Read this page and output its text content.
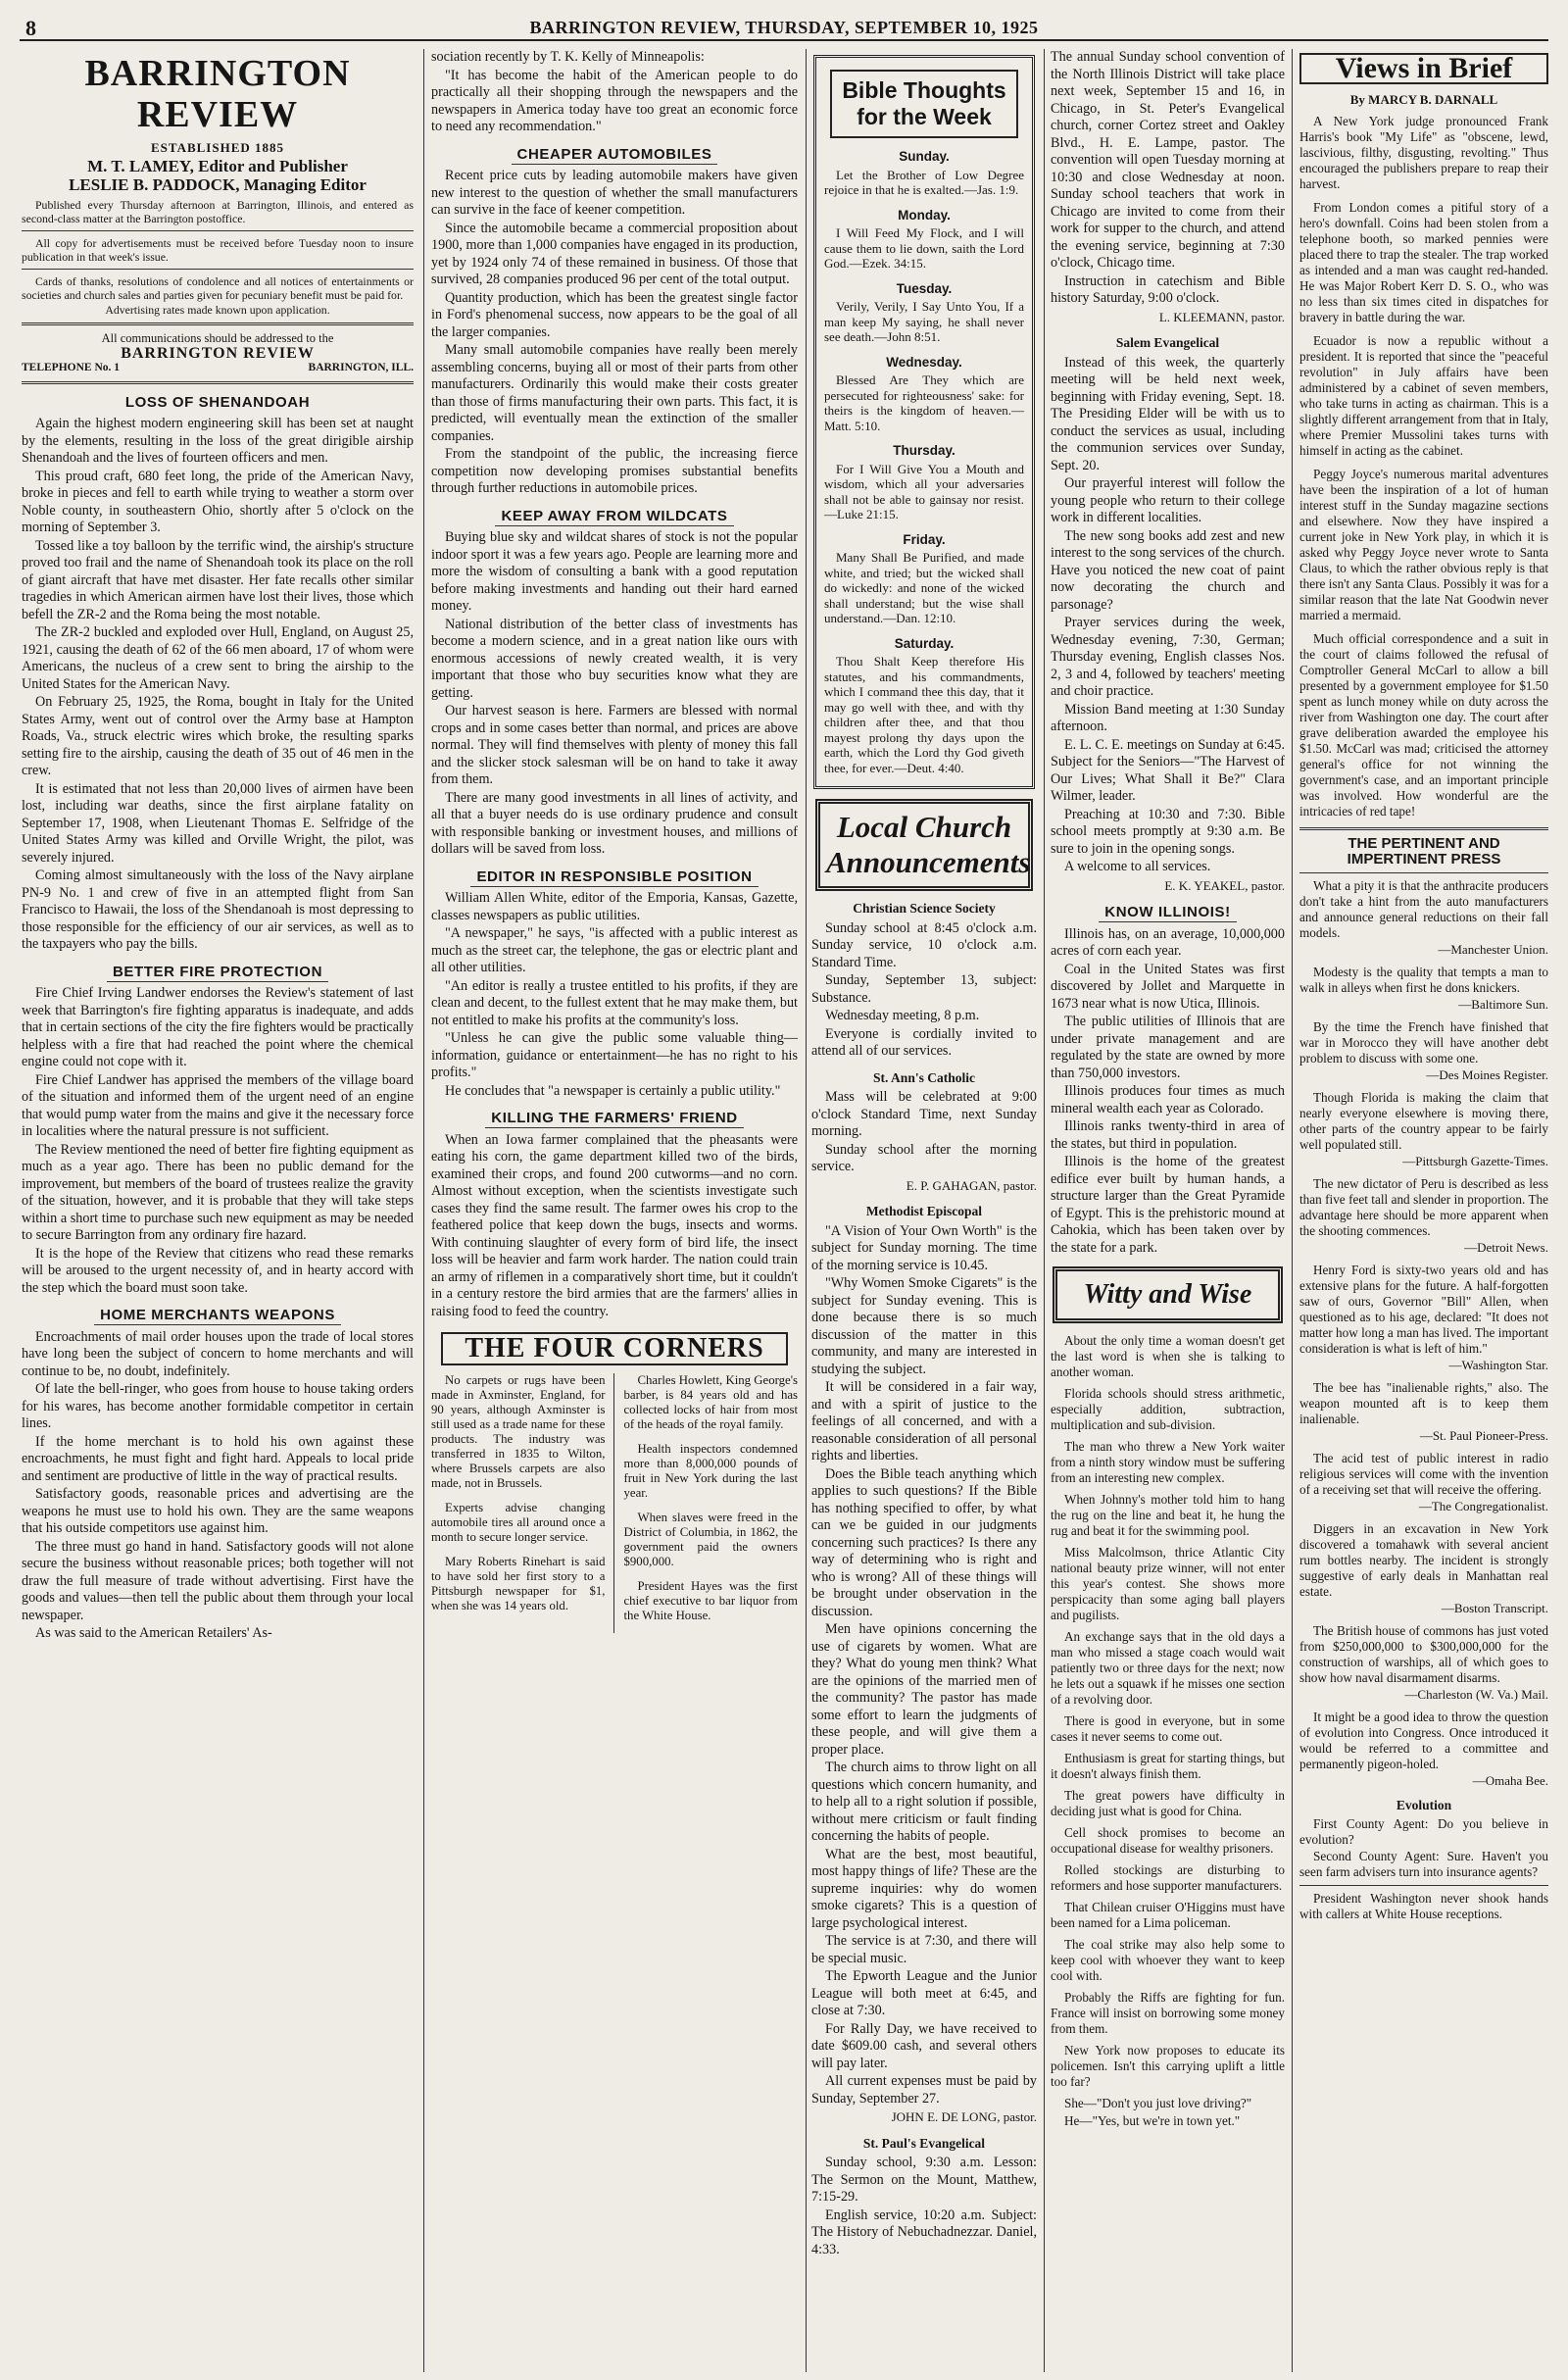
8	BARRINGTON REVIEW, THURSDAY, SEPTEMBER 10, 1925
BARRINGTON REVIEW
ESTABLISHED 1885
M. T. LAMEY, Editor and Publisher
LESLIE B. PADDOCK, Managing Editor

Published every Thursday afternoon at Barrington, Illinois, and entered as second-class matter at the Barrington postoffice.

All copy for advertisements must be received before Tuesday noon to insure publication in that week's issue.

Cards of thanks, resolutions of condolence and all notices of entertainments or societies and church sales and parties given for pecuniary benefit must be paid for.

Advertising rates made known upon application.

All communications should be addressed to the
BARRINGTON REVIEW
TELEPHONE No. 1	BARRINGTON, ILL.
LOSS OF SHENANDOAH

Again the highest modern engineering skill has been set at naught by the elements, resulting in the loss of the great dirigible airship Shenandoah and the lives of fourteen officers and men.

This proud craft, 680 feet long, the pride of the American Navy, broke in pieces and fell to earth while trying to weather a storm over Noble county, in southeastern Ohio, shortly after 5 o'clock on the morning of September 3.

Tossed like a toy balloon by the terrific wind, the airship's structure proved too frail and the name of Shenandoah took its place on the roll of giant aircraft that have met disaster. Her fate recalls other similar tragedies in which American airmen have lost their lives, those which befell the ZR-2 and the Roma being the most notable.

The ZR-2 buckled and exploded over Hull, England, on August 25, 1921, causing the death of 62 of the 66 men aboard, 17 of whom were Americans, the nucleus of a crew sent to bring the airship to the United States for the American Navy.

On February 25, 1925, the Roma, bought in Italy for the United States Army, went out of control over the Army base at Hampton Roads, Va., struck electric wires which broke, the resulting sparks setting fire to the airship, causing the death of 35 out of 46 men in the crew.

It is estimated that not less than 20,000 lives of airmen have been lost, including war deaths, since the first airplane fatality on September 17, 1908, when Lieutenant Thomas E. Selfridge of the United States Army was killed and Orville Wright, the pilot, was severely injured.

Coming almost simultaneously with the loss of the Navy airplane PN-9 No. 1 and crew of five in an attempted flight from San Francisco to Hawaii, the loss of the Shendanoah is most depressing to those responsible for the efficiency of our air services, as well as to the taxpayers who pay the bills.

BETTER FIRE PROTECTION

Fire Chief Irving Landwer endorses the Review's statement of last week that Barrington's fire fighting apparatus is inadequate, and adds that in certain sections of the city the fire fighters would be practically helpless with a fire that had reached the point where the chemical engine could not cope with it.

Fire Chief Landwer has apprised the members of the village board of the situation and informed them of the urgent need of an engine that would pump water from the mains and give it the necessary force in localities where the natural pressure is not sufficient.

The Review mentioned the need of better fire fighting equipment as much as a year ago. There has been no public demand for the improvement, but members of the board of trustees realize the gravity of the situation, however, and it is probable that they will take steps within a short time to purchase such new equipment as may be needed to secure Barrington from any ordinary fire hazard.

It is the hope of the Review that citizens who read these remarks will be aroused to the urgent necessity of, and in hearty accord with the step which the board must soon take.

HOME MERCHANTS WEAPONS

Encroachments of mail order houses upon the trade of local stores have long been the subject of concern to home merchants and will continue to be, no doubt, indefinitely.

Of late the bell-ringer, who goes from house to house taking orders for his wares, has become another formidable competitor in certain lines.

If the home merchant is to hold his own against these encroachments, he must fight and fight hard. Appeals to local pride and sentiment are productive of little in the way of practical results.

Satisfactory goods, reasonable prices and advertising are the weapons he must use to hold his own. They are the same weapons that his outside competitors use against him.

The three must go hand in hand. Satisfactory goods will not alone secure the business without reasonable prices; both together will not draw the full measure of trade without advertising. First have the goods and values—then tell the public about them through your local newspaper.

As was said to the American Retailers' As-

sociation recently by T. K. Kelly of Minneapolis:

"It has become the habit of the American people to do practically all their shopping through the newspapers and the newspapers in America today have too great an economic force to need any recommendation."

CHEAPER AUTOMOBILES

Recent price cuts by leading automobile makers have given new interest to the question of whether the small manufacturers can survive in the face of keener competition.

Since the automobile became a commercial proposition about 1900, more than 1,000 companies have engaged in its production, yet by 1924 only 74 of these remained in business. Of those that survived, 28 companies produced 96 per cent of the total output.

Quantity production, which has been the greatest single factor in Ford's phenomenal success, now appears to be the goal of all the larger companies.

Many small automobile companies have really been merely assembling concerns, buying all or most of their parts from other manufacturers. Ordinarily this would make their costs greater than those of firms manufacturing their own parts. This fact, it is predicted, will eventually mean the extinction of the smaller companies.

From the standpoint of the public, the increasing fierce competition now developing promises substantial benefits through further reductions in automobile prices.

KEEP AWAY FROM WILDCATS

Buying blue sky and wildcat shares of stock is not the popular indoor sport it was a few years ago. People are learning more and more the wisdom of consulting a bank with a good reputation before making investments and handing out their hard earned money.

National distribution of the better class of investments has become a modern science, and in a great nation like ours with enormous accessions of newly created wealth, it is very important that those who buy securities know what they are getting.

Our harvest season is here. Farmers are blessed with normal crops and in some cases better than normal, and prices are above normal. They will find themselves with plenty of money this fall and the slicker stock salesman will be on hand to take it away from them.

There are many good investments in all lines of activity, and all that a buyer needs do is use ordinary prudence and consult with responsible banking or investment houses, and millions of dollars will be saved from loss.

EDITOR IN RESPONSIBLE POSITION

William Allen White, editor of the Emporia, Kansas, Gazette, classes newspapers as public utilities.

"A newspaper," he says, "is affected with a public interest as much as the street car, the telephone, the gas or electric plant and all other utilities.

"An editor is really a trustee entitled to his profits, if they are clean and decent, to the fullest extent that he may make them, but not entitled to make his profits at the community's loss.

"Unless he can give the public some valuable thing—information, guidance or entertainment—he has no right to his profits."

He concludes that "a newspaper is certainly a public utility."

KILLING THE FARMERS' FRIEND

When an Iowa farmer complained that the pheasants were eating his corn, the game department killed two of the birds, examined their crops, and found 200 cutworms—and no corn. Almost without exception, when the scientists investigate such cases they find the same result. The farmer owes his crop to the feathered police that keep down the bugs, insects and worms. With continuing slaughter of every form of bird life, the insect loss will be heavier and farm work harder. The nation could train an army of riflemen in a comparatively short time, but it couldn't in a century restore the bird armies that are the farmers' allies in raising food to feed the country.

THE FOUR CORNERS

No carpets or rugs have been made in Axminster, England, for 90 years, although Axminster is still used as a trade name for these products. The industry was transferred in 1835 to Wilton, where Brussels carpets are also made, not in Brussels.

Experts advise changing automobile tires all around once a month to secure longer service.

Mary Roberts Rinehart is said to have sold her first story to a Pittsburgh newspaper for $1, when she was 14 years old.

Charles Howlett, King George's barber, is 84 years old and has collected locks of hair from most of the heads of the royal family.

Health inspectors condemned more than 8,000,000 pounds of fruit in New York during the last year.

When slaves were freed in the District of Columbia, in 1862, the government paid the owners $900,000.

President Hayes was the first chief executive to bar liquor from the White House.

Bible Thoughts for the Week
Sunday.

Let the Brother of Low Degree rejoice in that he is exalted.—Jas. 1:9.

Monday.

I Will Feed My Flock, and I will cause them to lie down, saith the Lord God.—Ezek. 34:15.

Tuesday.

Verily, Verily, I Say Unto You, If a man keep My saying, he shall never see death.—John 8:51.

Wednesday.

Blessed Are They which are persecuted for righteousness' sake: for theirs is the kingdom of heaven.—Matt. 5:10.

Thursday.

For I Will Give You a Mouth and wisdom, which all your adversaries shall not be able to gainsay nor resist.—Luke 21:15.

Friday.

Many Shall Be Purified, and made white, and tried; but the wicked shall do wickedly: and none of the wicked shall understand; but the wise shall understand.—Dan. 12:10.

Saturday.

Thou Shalt Keep therefore His statutes, and his commandments, which I command thee this day, that it may go well with thee, and with thy children after thee, and that thou mayest prolong thy days upon the earth, which the Lord thy God giveth thee, for ever.—Deut. 4:40.

Local Church Announcements
Christian Science Society

Sunday school at 8:45 o'clock a.m. Sunday service, 10 o'clock a.m. Standard Time.

Sunday, September 13, subject: Substance.

Wednesday meeting, 8 p.m.

Everyone is cordially invited to attend all of our services.

St. Ann's Catholic

Mass will be celebrated at 9:00 o'clock Standard Time, next Sunday morning.

Sunday school after the morning service.

E. P. GAHAGAN, pastor.

Methodist Episcopal

"A Vision of Your Own Worth" is the subject for Sunday morning. The time of the morning service is 10.45.

"Why Women Smoke Cigarets" is the subject for Sunday evening. This is done because there is so much discussion of the matter in this community, and many are interested in studying the subject.

It will be considered in a fair way, and with a spirit of justice to the feelings of all concerned, and with a reasonable consideration of all personal rights and liberties.

Does the Bible teach anything which applies to such questions? If the Bible has nothing specified to offer, by what can we be guided in our judgments concerning such practices? Is there any way of determining who is right and who is wrong? All of these things will be brought under observation in the discussion.

Men have opinions concerning the use of cigarets by women. What are they? What do young men think? What are the opinions of the married men of the community? The pastor has made some effort to learn the judgments of these people, and will give them a proper place.

The church aims to throw light on all questions which concern humanity, and to help all to a right solution if possible, without mere criticism or fault finding concerning the habits of people.

What are the best, most beautiful, most happy things of life? These are the supreme inquiries: why do women smoke cigarets? This is a question of large psychological interest.

The service is at 7:30, and there will be special music.

The Epworth League and the Junior League will both meet at 6:45, and close at 7:30.

For Rally Day, we have received to date $609.00 cash, and several others will pay later.

All current expenses must be paid by Sunday, September 27.

JOHN E. DE LONG, pastor.

St. Paul's Evangelical

Sunday school, 9:30 a.m. Lesson: The Sermon on the Mount, Matthew, 7:15-29.

English service, 10:20 a.m. Subject: The History of Nebuchadnezzar. Daniel, 4:33.

The annual Sunday school convention of the North Illinois District will take place next week, September 15 and 16, in Chicago, in St. Peter's Evangelical church, corner Cortez street and Oakley Blvd., H. E. Lampe, pastor. The convention will open Tuesday morning at 10:30 and close Wednesday at noon. Sunday school teachers that work in Chicago are invited to come from their work for supper to the church, and attend the evening service, beginning at 7:30 o'clock, Chicago time.

Instruction in catechism and Bible history Saturday, 9:00 o'clock.

L. KLEEMANN, pastor.

Salem Evangelical

Instead of this week, the quarterly meeting will be held next week, beginning with Friday evening, Sept. 18. The Presiding Elder will be with us to conduct the services as usual, including the communion services over Sunday, Sept. 20.

Our prayerful interest will follow the young people who return to their college work in different localities.

The new song books add zest and new interest to the song services of the church. Have you noticed the new coat of paint now decorating the church and parsonage?

Prayer services during the week, Wednesday evening, 7:30, German; Thursday evening, English classes Nos. 2, 3 and 4, followed by teachers' meeting and choir practice.

Mission Band meeting at 1:30 Sunday afternoon.

E. L. C. E. meetings on Sunday at 6:45. Subject for the Seniors—"The Harvest of Our Lives; What Shall it Be?" Clara Wilmer, leader.

Preaching at 10:30 and 7:30. Bible school meets promptly at 9:30 a.m. Be sure to join in the opening songs.

A welcome to all services.

E. K. YEAKEL, pastor.

KNOW ILLINOIS!

Illinois has, on an average, 10,000,000 acres of corn each year.

Coal in the United States was first discovered by Jollet and Marquette in 1673 near what is now Utica, Illinois.

The public utilities of Illinois that are under private management and are regulated by the state are owned by more than 750,000 investors.

Illinois produces four times as much mineral wealth each year as Colorado.

Illinois ranks twenty-third in area of the states, but third in population.

Illinois is the home of the greatest edifice ever built by human hands, a structure larger than the Great Pyramide of Egypt. This is the prehistoric mound at Cahokia, which has been taken over by the state for a park.

Witty and Wise

About the only time a woman doesn't get the last word is when she is talking to another woman.

Florida schools should stress arithmetic, especially addition, subtraction, multiplication and sub-division.

The man who threw a New York waiter from a ninth story window must be suffering from an interesting new complex.

When Johnny's mother told him to hang the rug on the line and beat it, he hung the rug and beat it for the swimming pool.

Miss Malcolmson, thrice Atlantic City national beauty prize winner, will not enter this year's contest. She shows more perspicacity than some aging ball players and pugilists.

An exchange says that in the old days a man who missed a stage coach would wait patiently two or three days for the next; now he lets out a squawk if he misses one section of a revolving door.

There is good in everyone, but in some cases it never seems to come out.

Enthusiasm is great for starting things, but it doesn't always finish them.

The great powers have difficulty in deciding just what is good for China.

Cell shock promises to become an occupational disease for wealthy prisoners.

Rolled stockings are disturbing to reformers and hose supporter manufacturers.

That Chilean cruiser O'Higgins must have been named for a Lima policeman.

The coal strike may also help some to keep cool with whoever they want to keep cool with.

Probably the Riffs are fighting for fun. France will insist on borrowing some money from them.

New York now proposes to educate its policemen. Isn't this carrying uplift a little too far?

She—"Don't you just love driving?"

He—"Yes, but we're in town yet."

Views in Brief
By MARCY B. DARNALL

A New York judge pronounced Frank Harris's book "My Life" as "obscene, lewd, lascivious, filthy, disgusting, revolting." Thus encouraged the publishers prepare to reap their harvest.

From London comes a pitiful story of a hero's downfall. Coins had been stolen from a telephone booth, so marked pennies were placed there to trap the stealer. The trap worked as intended and a man was caught red-handed. He was Major Robert Kerr D. S. O., who was no less than six times cited in dispatches for bravery in battle during the war.

Ecuador is now a republic without a president. It is reported that since the "peaceful revolution" in July affairs have been administered by a cabinet of seven members, who take turns in acting as chairman. This is a slightly different arrangement from that in Italy, where Premier Mussolini takes turns with himself in acting as the cabinet.

Peggy Joyce's numerous marital adventures have been the inspiration of a lot of human interest stuff in the Sunday magazine sections and elsewhere. Now they have inspired a current joke in New York play, in which it is asked why Peggy Joyce never wrote to Santa Claus, to which the rather obvious reply is that there isn't any Santa Claus. Possibly it was for a similar reason that the late Nat Goodwin never married a mermaid.

Much official correspondence and a suit in the court of claims followed the refusal of Comptroller General McCarl to allow a bill presented by a government employee for $1.50 spent as lunch money while on duty across the river from Washington one day. The court after grave deliberation awarded the employee his $1.50. McCarl was mad; criticised the attorney general's office for not winning the government's case, and an important principle was involved. How wonderful are the intricacies of red tape!

THE PERTINENT AND IMPERTINENT PRESS

What a pity it is that the anthracite producers don't take a hint from the auto manufacturers and announce general reductions on their fall models.

—Manchester Union.

Modesty is the quality that tempts a man to walk in alleys when first he dons knickers.

—Baltimore Sun.

By the time the French have finished that war in Morocco they will have another debt problem to discuss with some one.

—Des Moines Register.

Though Florida is making the claim that nearly everyone elsewhere is moving there, other parts of the country appear to be fairly well populated still.

—Pittsburgh Gazette-Times.

The new dictator of Peru is described as less than five feet tall and slender in proportion. The advantage here should be more apparent when the shooting commences.

—Detroit News.

Henry Ford is sixty-two years old and has extensive plans for the future. A half-forgotten saw of ours, Governor "Bill" Allen, when questioned as to his age, declared: "It does not matter how long a man has lived. The important consideration is what is left of him."

—Washington Star.

The bee has "inalienable rights," also. The weapon mounted aft is to keep them inalienable.

—St. Paul Pioneer-Press.

The acid test of public interest in radio religious services will come with the invention of a receiving set that will receive the offering.

—The Congregationalist.

Diggers in an excavation in New York discovered a tomahawk with several ancient rum bottles nearby. The incident is strongly suggestive of early deals in Manhattan real estate.

—Boston Transcript.

The British house of commons has just voted from $250,000,000 to $300,000,000 for the construction of warships, all of which goes to show how naval disarmament disarms.

—Charleston (W. Va.) Mail.

It might be a good idea to throw the question of evolution into Congress. Once introduced it would be referred to a committee and permanently pigeon-holed.

—Omaha Bee.

Evolution

First County Agent: Do you believe in evolution?

Second County Agent: Sure. Haven't you seen farm advisers turn into insurance agents?

President Washington never shook hands with callers at White House receptions.
